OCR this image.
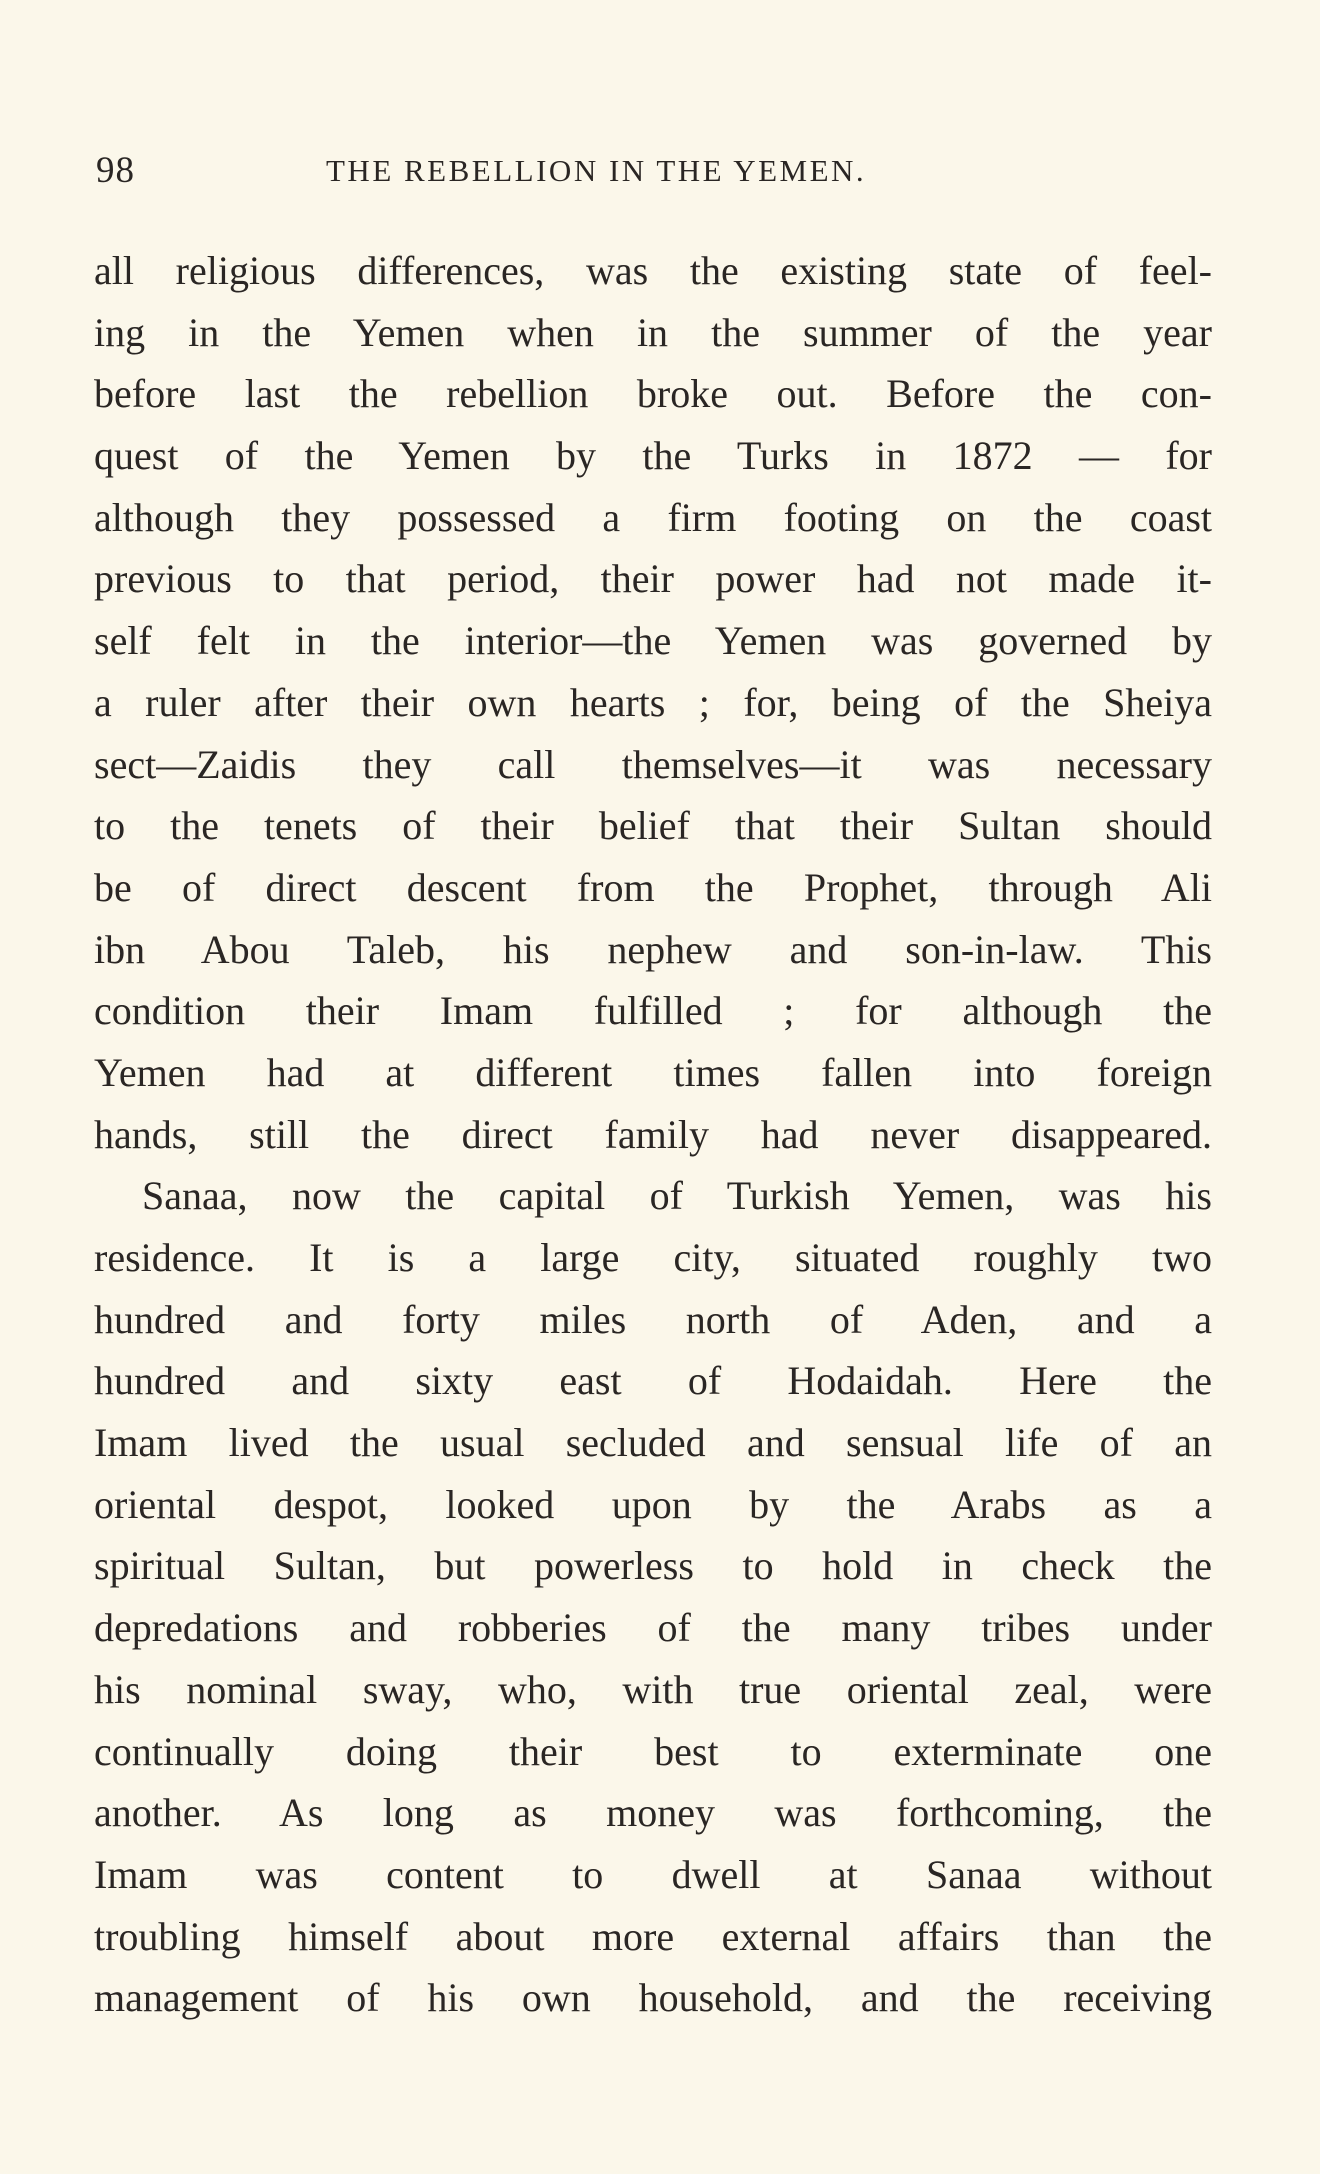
98	THE REBELLION IN THE YEMEN.
all religious differences, was the existing state of feel-
ing in the Yemen when in the summer of the year
before last the rebellion broke out. Before the con-
quest of the Yemen by the Turks in 1872 — for
although they possessed a firm footing on the coast
previous to that period, their power had not made it-
self felt in the interior—the Yemen was governed by
a ruler after their own hearts ; for, being of the Sheiya
sect—Zaidis they call themselves—it was necessary
to the tenets of their belief that their Sultan should
be of direct descent from the Prophet, through Ali
ibn Abou Taleb, his nephew and son-in-law. This
condition their Imam fulfilled ; for although the
Yemen had at different times fallen into foreign
hands, still the direct family had never disappeared.
Sanaa, now the capital of Turkish Yemen, was his
residence. It is a large city, situated roughly two
hundred and forty miles north of Aden, and a
hundred and sixty east of Hodaidah. Here the
Imam lived the usual secluded and sensual life of an
oriental despot, looked upon by the Arabs as a
spiritual Sultan, but powerless to hold in check the
depredations and robberies of the many tribes under
his nominal sway, who, with true oriental zeal, were
continually doing their best to exterminate one
another. As long as money was forthcoming, the
Imam was content to dwell at Sanaa without
troubling himself about more external affairs than the
management of his own household, and the receiving
